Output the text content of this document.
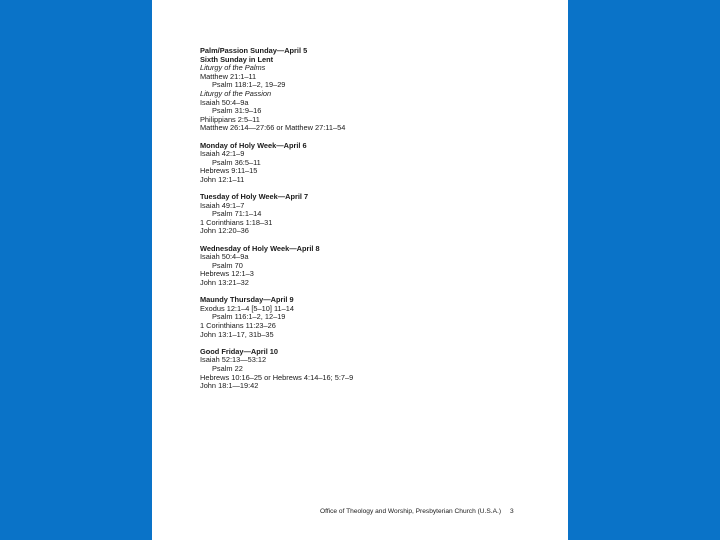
Palm/Passion Sunday—April 5
Sixth Sunday in Lent
Liturgy of the Palms
Matthew 21:1–11
Psalm 118:1–2, 19–29
Liturgy of the Passion
Isaiah 50:4–9a
Psalm 31:9–16
Philippians 2:5–11
Matthew 26:14—27:66 or Matthew 27:11–54
Monday of Holy Week—April 6
Isaiah 42:1–9
Psalm 36:5–11
Hebrews 9:11–15
John 12:1–11
Tuesday of Holy Week—April 7
Isaiah 49:1–7
Psalm 71:1–14
1 Corinthians 1:18–31
John 12:20–36
Wednesday of Holy Week—April 8
Isaiah 50:4–9a
Psalm 70
Hebrews 12:1–3
John 13:21–32
Maundy Thursday—April 9
Exodus 12:1–4 [5–10] 11–14
Psalm 116:1–2, 12–19
1 Corinthians 11:23–26
John 13:1–17, 31b–35
Good Friday—April 10
Isaiah 52:13—53:12
Psalm 22
Hebrews 10:16–25 or Hebrews 4:14–16; 5:7–9
John 18:1—19:42
Office of Theology and Worship, Presbyterian Church (U.S.A.) 3
